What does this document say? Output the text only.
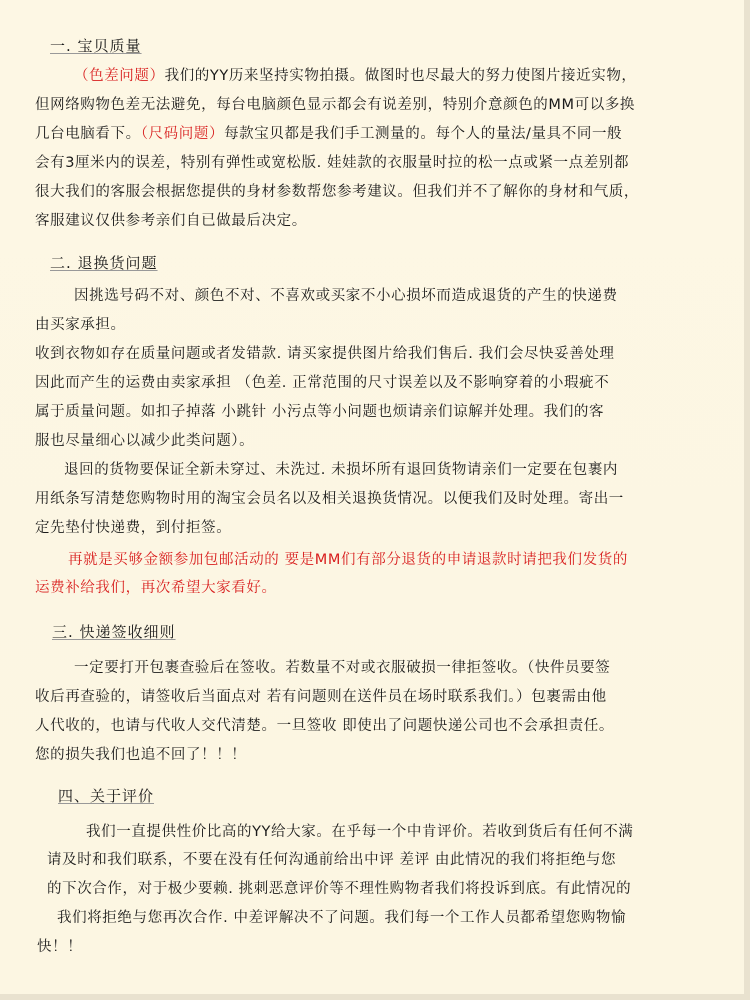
一. 宝贝质量
（色差问题）我们的YY历来坚持实物拍摄。做图时也尽最大的努力使图片接近实物，
但网络购物色差无法避免，每台电脑颜色显示都会有说差别，特别介意颜色的MM可以多换
几台电脑看下。（尺码问题）每款宝贝都是我们手工测量的。每个人的量法/量具不同一般
会有3厘米内的误差，特别有弹性或宽松版. 娃娃款的衣服量时拉的松一点或紧一点差别都
很大我们的客服会根据您提供的身材参数帮您参考建议。但我们并不了解你的身材和气质，
客服建议仅供参考亲们自已做最后决定。
二. 退换货问题
因挑选号码不对、颜色不对、不喜欢或买家不小心损坏而造成退货的产生的快递费
由买家承担。
收到衣物如存在质量问题或者发错款. 请买家提供图片给我们售后. 我们会尽快妥善处理
因此而产生的运费由卖家承担 （色差. 正常范围的尺寸误差以及不影响穿着的小瑕疵不
属于质量问题。如扣子掉落 小跳针 小污点等小问题也烦请亲们谅解并处理。我们的客
服也尽量细心以减少此类问题）。
退回的货物要保证全新未穿过、未洗过. 未损坏所有退回货物请亲们一定要在包裹内
用纸条写清楚您购物时用的淘宝会员名以及相关退换货情况。以便我们及时处理。寄出一
定先垫付快递费，到付拒签。
再就是买够金额参加包邮活动的 要是MM们有部分退货的申请退款时请把我们发货的
运费补给我们，再次希望大家看好。
三. 快递签收细则
一定要打开包裹查验后在签收。若数量不对或衣服破损一律拒签收。（快件员要签
收后再查验的，请签收后当面点对 若有问题则在送件员在场时联系我们。）包裹需由他
人代收的，也请与代收人交代清楚。一旦签收 即使出了问题快递公司也不会承担责任。
您的损失我们也追不回了！！！
四、关于评价
我们一直提供性价比高的YY给大家。在乎每一个中肯评价。若收到货后有任何不满
请及时和我们联系，不要在没有任何沟通前给出中评 差评 由此情况的我们将拒绝与您
的下次合作，对于极少要赖. 挑刺恶意评价等不理性购物者我们将投诉到底。有此情况的
我们将拒绝与您再次合作. 中差评解决不了问题。我们每一个工作人员都希望您购物愉
快！！
